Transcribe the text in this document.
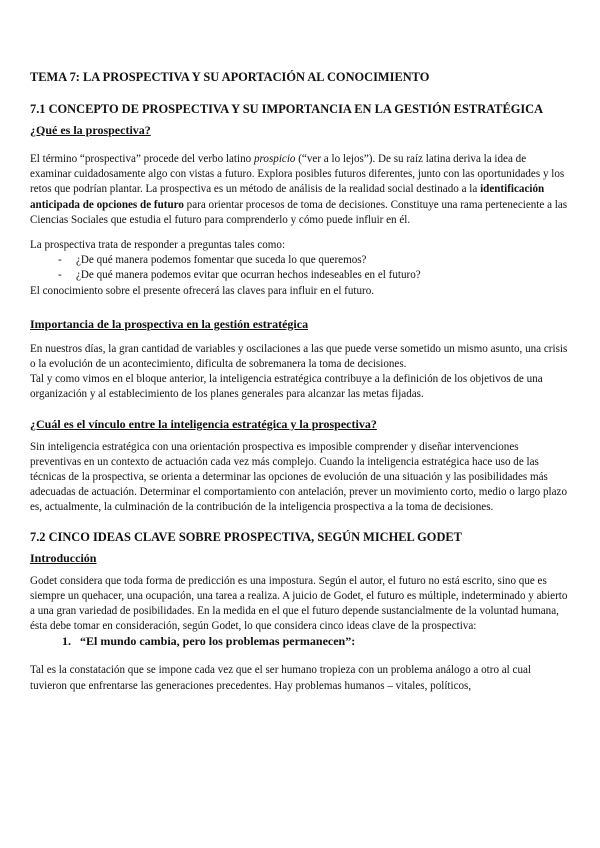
TEMA 7: LA PROSPECTIVA Y SU APORTACIÓN AL CONOCIMIENTO
7.1 CONCEPTO DE PROSPECTIVA Y SU IMPORTANCIA EN LA GESTIÓN ESTRATÉGICA
¿Qué es la prospectiva?

El término “prospectiva” procede del verbo latino prospicio (“ver a lo lejos”). De su raíz latina deriva la idea de examinar cuidadosamente algo con vistas a futuro. Explora posibles futuros diferentes, junto con las oportunidades y los retos que podrían plantar. La prospectiva es un método de análisis de la realidad social destinado a la identificación anticipada de opciones de futuro para orientar procesos de toma de decisiones. Constituye una rama perteneciente a las Ciencias Sociales que estudia el futuro para comprenderlo y cómo puede influir en él.

La prospectiva trata de responder a preguntas tales como:

- ¿De qué manera podemos fomentar que suceda lo que queremos?
- ¿De qué manera podemos evitar que ocurran hechos indeseables en el futuro?

El conocimiento sobre el presente ofrecerá las claves para influir en el futuro.

Importancia de la prospectiva en la gestión estratégica

En nuestros días, la gran cantidad de variables y oscilaciones a las que puede verse sometido un mismo asunto, una crisis o la evolución de un acontecimiento, dificulta de sobremanera la toma de decisiones.

Tal y como vimos en el bloque anterior, la inteligencia estratégica contribuye a la definición de los objetivos de una organización y al establecimiento de los planes generales para alcanzar las metas fijadas.

¿Cuál es el vínculo entre la inteligencia estratégica y la prospectiva?

Sin inteligencia estratégica con una orientación prospectiva es imposible comprender y diseñar intervenciones preventivas en un contexto de actuación cada vez más complejo. Cuando la inteligencia estratégica hace uso de las técnicas de la prospectiva, se orienta a determinar las opciones de evolución de una situación y las posibilidades más adecuadas de actuación. Determinar el comportamiento con antelación, prever un movimiento corto, medio o largo plazo es, actualmente, la culminación de la contribución de la inteligencia prospectiva a la toma de decisiones.

7.2 CINCO IDEAS CLAVE SOBRE PROSPECTIVA, SEGÚN MICHEL GODET
Introducción

Godet considera que toda forma de predicción es una impostura. Según el autor, el futuro no está escrito, sino que es siempre un quehacer, una ocupación, una tarea a realiza. A juicio de Godet, el futuro es múltiple, indeterminado y abierto a una gran variedad de posibilidades. En la medida en el que el futuro depende sustancialmente de la voluntad humana, ésta debe tomar en consideración, según Godet, lo que considera cinco ideas clave de la prospectiva:

1. “El mundo cambia, pero los problemas permanecen”:

Tal es la constatación que se impone cada vez que el ser humano tropieza con un problema análogo a otro al cual tuvieron que enfrentarse las generaciones precedentes. Hay problemas humanos – vitales, políticos,
